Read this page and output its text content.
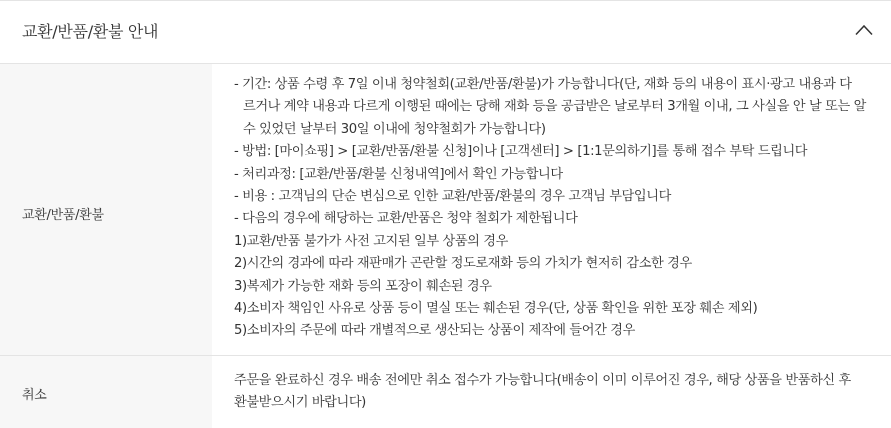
교환/반품/환불 안내
교환/반품/환불
- 기간: 상품 수령 후 7일 이내 청약철회(교환/반품/환불)가 가능합니다(단, 재화 등의 내용이 표시·광고 내용과 다
르거나 계약 내용과 다르게 이행된 때에는 당해 재화 등을 공급받은 날로부터 3개월 이내, 그 사실을 안 날 또는 알
수 있었던 날부터 30일 이내에 청약철회가 가능합니다)
- 방법: [마이쇼핑] > [교환/반품/환불 신청]이나 [고객센터] > [1:1문의하기]를 통해 접수 부탁 드립니다
- 처리과정: [교환/반품/환불 신청내역]에서 확인 가능합니다
- 비용 : 고객님의 단순 변심으로 인한 교환/반품/환불의 경우 고객님 부담입니다
- 다음의 경우에 해당하는 교환/반품은 청약 철회가 제한됩니다
1)교환/반품 불가가 사전 고지된 일부 상품의 경우
2)시간의 경과에 따라 재판매가 곤란할 정도로재화 등의 가치가 현저히 감소한 경우
3)복제가 가능한 재화 등의 포장이 훼손된 경우
4)소비자 책임인 사유로 상품 등이 멸실 또는 훼손된 경우(단, 상품 확인을 위한 포장 훼손 제외)
5)소비자의 주문에 따라 개별적으로 생산되는 상품이 제작에 들어간 경우
취소
주문을 완료하신 경우 배송 전에만 취소 접수가 가능합니다(배송이 이미 이루어진 경우, 해당 상품을 반품하신 후
환불받으시기 바랍니다)
